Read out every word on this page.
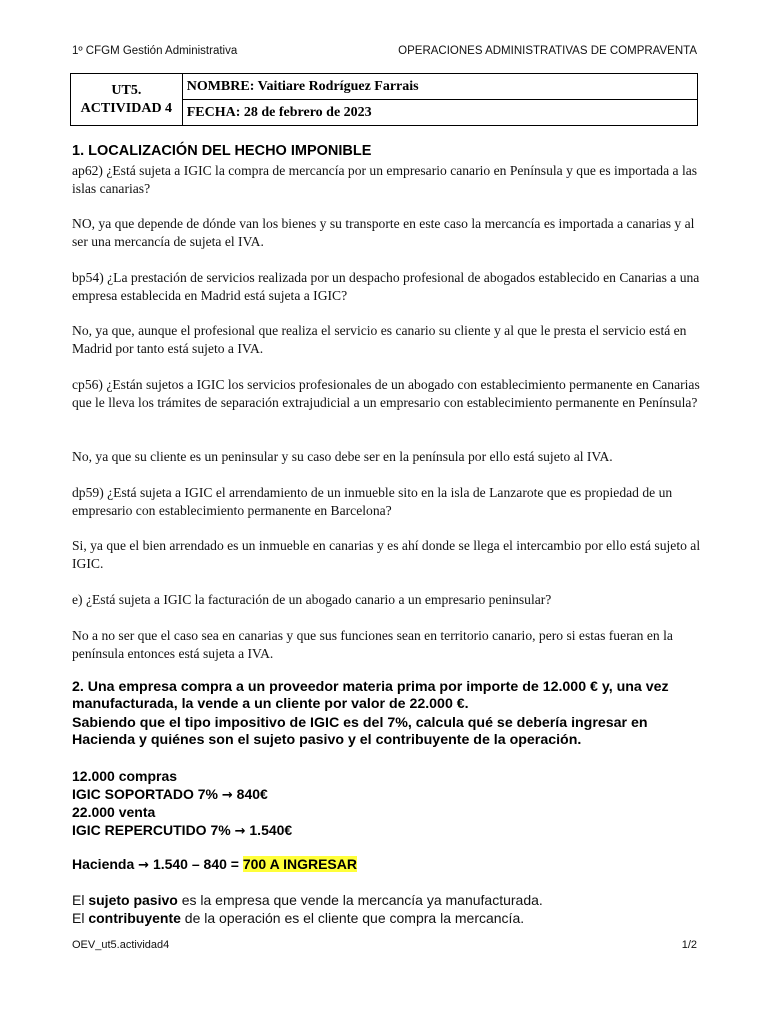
1º CFGM Gestión Administrativa	OPERACIONES ADMINISTRATIVAS DE COMPRAVENTA
UT5.
ACTIVIDAD 4
	NOMBRE: Vaitiare Rodríguez Farrais
FECHA: 28 de febrero de 2023
1. LOCALIZACIÓN DEL HECHO IMPONIBLE
ap62) ¿Está sujeta a IGIC la compra de mercancía por un empresario canario en Península y que es importada a las islas canarias?
NO, ya que depende de dónde van los bienes y su transporte en este caso la mercancía es importada a canarias y al ser una mercancía de sujeta el IVA.
bp54) ¿La prestación de servicios realizada por un despacho profesional de abogados establecido en Canarias a una empresa establecida en Madrid está sujeta a IGIC?
No, ya que, aunque el profesional que realiza el servicio es canario su cliente y al que le presta el servicio está en Madrid por tanto está sujeto a IVA.
cp56) ¿Están sujetos a IGIC los servicios profesionales de un abogado con establecimiento permanente en Canarias que le lleva los trámites de separación extrajudicial a un empresario con establecimiento permanente en Península?
No, ya que su cliente es un peninsular y su caso debe ser en la península por ello está sujeto al IVA.
dp59) ¿Está sujeta a IGIC el arrendamiento de un inmueble sito en la isla de Lanzarote que es propiedad de un empresario con establecimiento permanente en Barcelona?
Si, ya que el bien arrendado es un inmueble en canarias y es ahí donde se llega el intercambio por ello está sujeto al IGIC.
e) ¿Está sujeta a IGIC la facturación de un abogado canario a un empresario peninsular?
No a no ser que el caso sea en canarias y que sus funciones sean en territorio canario, pero si estas fueran en la península entonces está sujeta a IVA.
2. Una empresa compra a un proveedor materia prima por importe de 12.000 € y, una vez manufacturada, la vende a un cliente por valor de 22.000 €.
Sabiendo que el tipo impositivo de IGIC es del 7%, calcula qué se debería ingresar en Hacienda y quiénes son el sujeto pasivo y el contribuyente de la operación.
12.000 compras
IGIC SOPORTADO 7% → 840€
22.000 venta
IGIC REPERCUTIDO 7% → 1.540€
Hacienda → 1.540 – 840 = 700 A INGRESAR
El sujeto pasivo es la empresa que vende la mercancía ya manufacturada.
El contribuyente de la operación es el cliente que compra la mercancía.
OEV_ut5.actividad4	1/2
